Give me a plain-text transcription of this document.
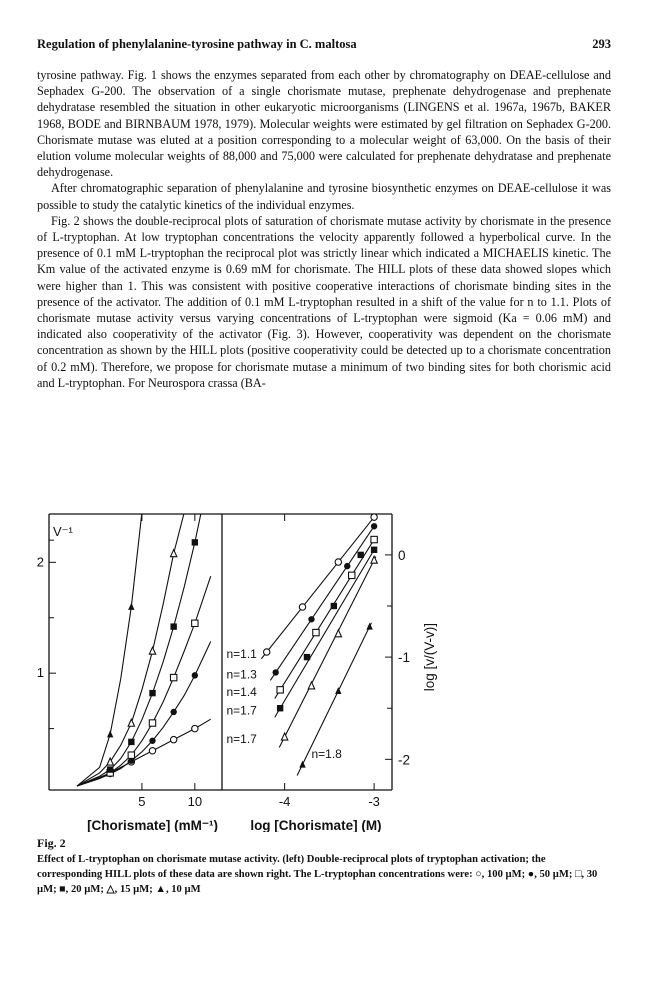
Regulation of phenylalanine-tyrosine pathway in C. maltosa	293

tyrosine pathway. Fig. 1 shows the enzymes separated from each other by chromatography on DEAE-cellulose and Sephadex G-200. The observation of a single chorismate mutase, prephenate dehydrogenase and prephenate dehydratase resembled the situation in other eukaryotic microorganisms (LINGENS et al. 1967a, 1967b, BAKER 1968, BODE and BIRNBAUM 1978, 1979). Molecular weights were estimated by gel filtration on Sephadex G-200. Chorismate mutase was eluted at a position corresponding to a molecular weight of 63,000. On the basis of their elution volume molecular weights of 88,000 and 75,000 were calculated for prephenate dehydratase and prephenate dehydrogenase.

After chromatographic separation of phenylalanine and tyrosine biosynthetic enzymes on DEAE-cellulose it was possible to study the catalytic kinetics of the individual enzymes.

Fig. 2 shows the double-reciprocal plots of saturation of chorismate mutase activity by chorismate in the presence of L-tryptophan. At low tryptophan concentrations the velocity apparently followed a hyperbolical curve. In the presence of 0.1 mM L-tryptophan the reciprocal plot was strictly linear which indicated a MICHAELIS kinetic. The Km value of the activated enzyme is 0.69 mM for chorismate. The HILL plots of these data showed slopes which were higher than 1. This was consistent with positive cooperative interactions of chorismate binding sites in the presence of the activator. The addition of 0.1 mM L-tryptophan resulted in a shift of the value for n to 1.1. Plots of chorismate mutase activity versus varying concentrations of L-tryptophan were sigmoid (Ka = 0.06 mM) and indicated also cooperativity of the activator (Fig. 3). However, cooperativity was dependent on the chorismate concentration as shown by the HILL plots (positive cooperativity could be detected up to a chorismate concentration of 0.2 mM). Therefore, we propose for chorismate mutase a minimum of two binding sites for both chorismic acid and L-tryptophan. For Neurospora crassa (BA-

5	10
1
2
V⁻¹
[Chorismate] (mM⁻¹)
-4	-3
0
-1
-2
log [Chorismate] (M)
log [v/(V-v)]
n=1.1
n=1.3
n=1.4
n=1.7
n=1.7
n=1.8
Fig. 2
Effect of L-tryptophan on chorismate mutase activity. (left) Double-reciprocal plots of tryptophan activation; the corresponding HILL plots of these data are shown right. The L-tryptophan concentrations were: ○, 100 µM; ●, 50 µM; □, 30 µM; ■, 20 µM; △, 15 µM; ▲, 10 µM
